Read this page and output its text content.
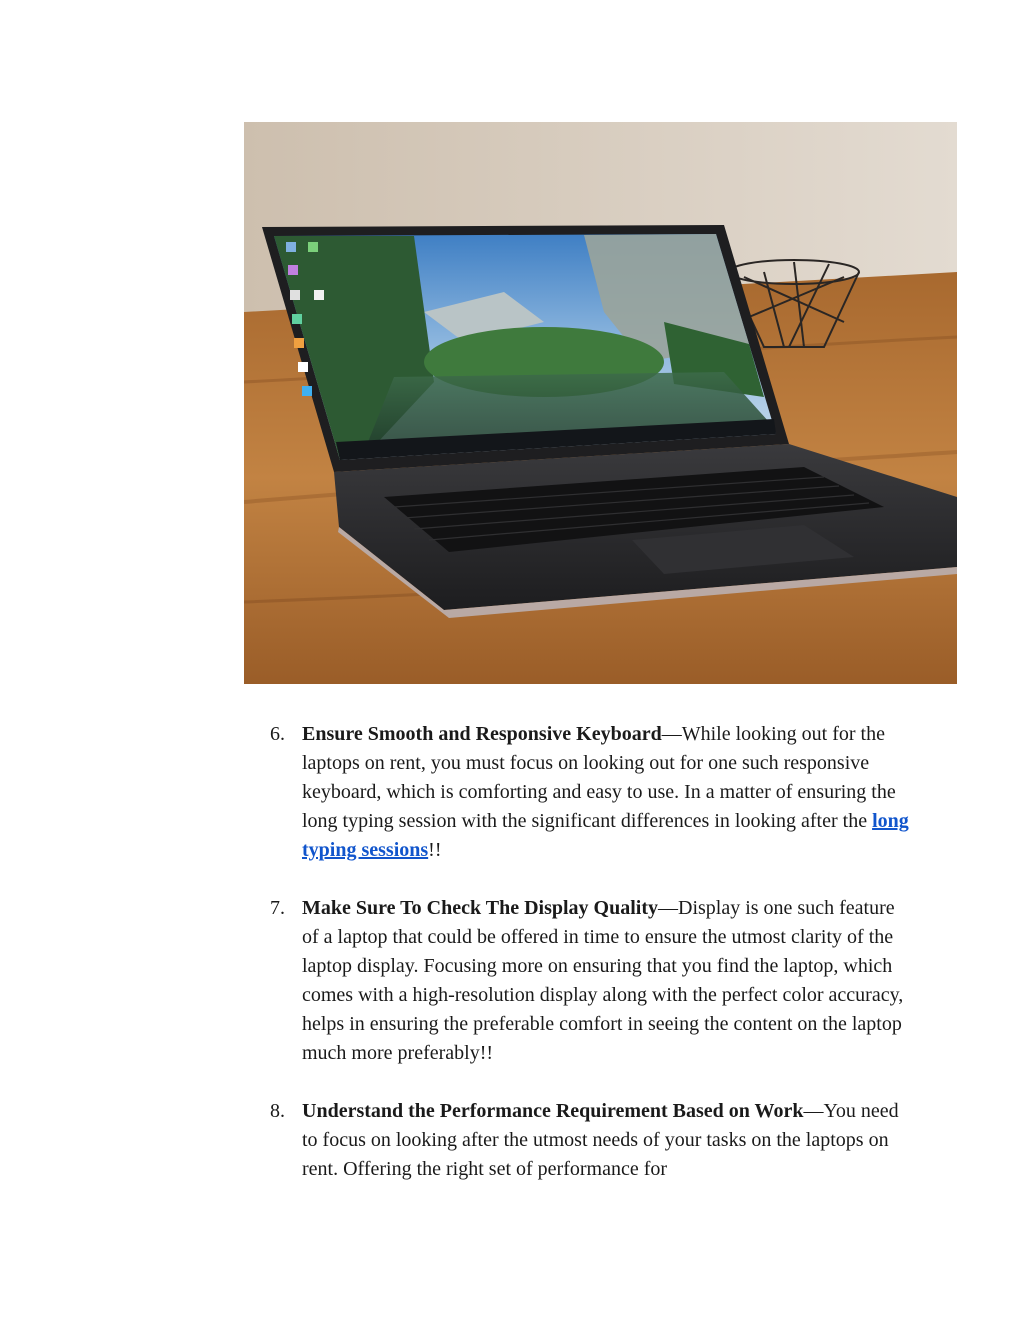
6. Ensure Smooth and Responsive Keyboard—While looking out for the laptops on rent, you must focus on looking out for one such responsive keyboard, which is comforting and easy to use. In a matter of ensuring the long typing session with the significant differences in looking after the long typing sessions!!
7. Make Sure To Check The Display Quality—Display is one such feature of a laptop that could be offered in time to ensure the utmost clarity of the laptop display. Focusing more on ensuring that you find the laptop, which comes with a high-resolution display along with the perfect color accuracy, helps in ensuring the preferable comfort in seeing the content on the laptop much more preferably!!
8. Understand the Performance Requirement Based on Work—You need to focus on looking after the utmost needs of your tasks on the laptops on rent. Offering the right set of performance for
